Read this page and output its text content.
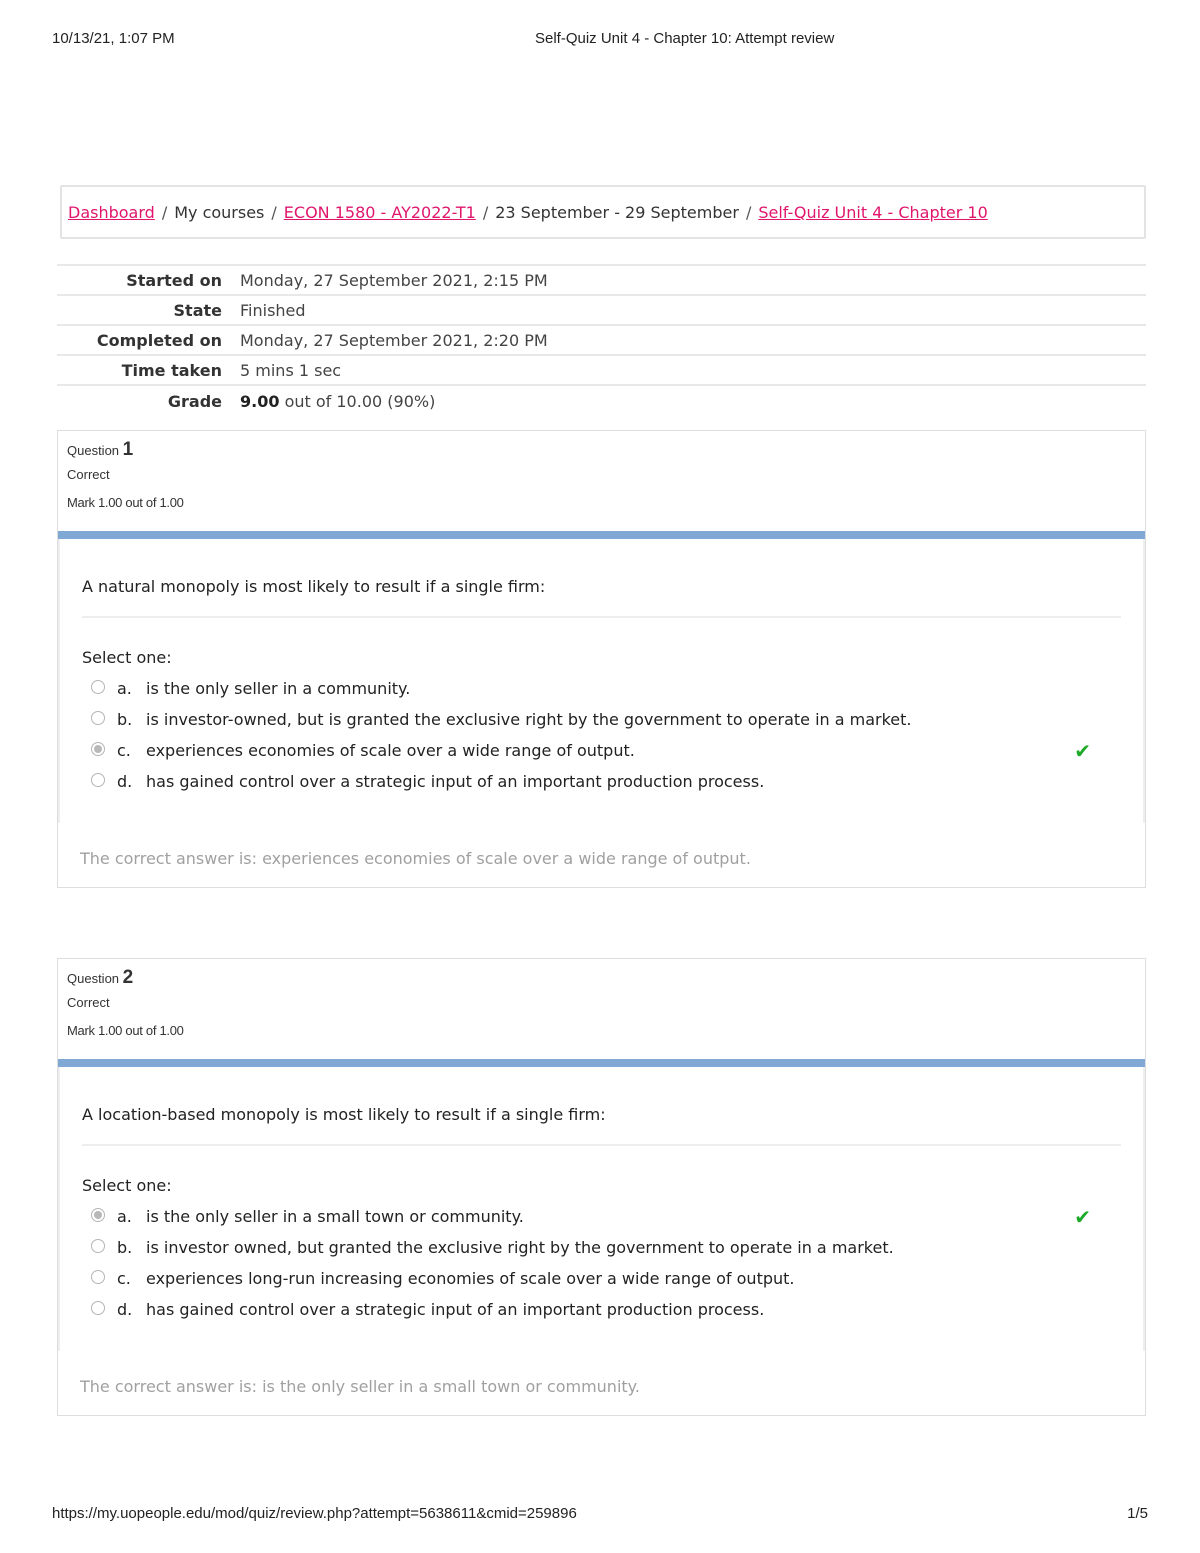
10/13/21, 1:07 PM	Self-Quiz Unit 4 - Chapter 10: Attempt review
Dashboard / My courses / ECON 1580 - AY2022-T1 / 23 September - 29 September / Self-Quiz Unit 4 - Chapter 10
Started on	Monday, 27 September 2021, 2:15 PM
State	Finished
Completed on	Monday, 27 September 2021, 2:20 PM
Time taken	5 mins 1 sec
Grade	9.00 out of 10.00 (90%)
Question 1
Correct
Mark 1.00 out of 1.00
A natural monopoly is most likely to result if a single firm:
Select one:
a. is the only seller in a community.
b. is investor-owned, but is granted the exclusive right by the government to operate in a market.
c. experiences economies of scale over a wide range of output.	✔
d. has gained control over a strategic input of an important production process.
The correct answer is: experiences economies of scale over a wide range of output.
Question 2
Correct
Mark 1.00 out of 1.00
A location-based monopoly is most likely to result if a single firm:
Select one:
a. is the only seller in a small town or community.	✔
b. is investor owned, but granted the exclusive right by the government to operate in a market.
c. experiences long-run increasing economies of scale over a wide range of output.
d. has gained control over a strategic input of an important production process.
The correct answer is: is the only seller in a small town or community.
https://my.uopeople.edu/mod/quiz/review.php?attempt=5638611&cmid=259896	1/5
